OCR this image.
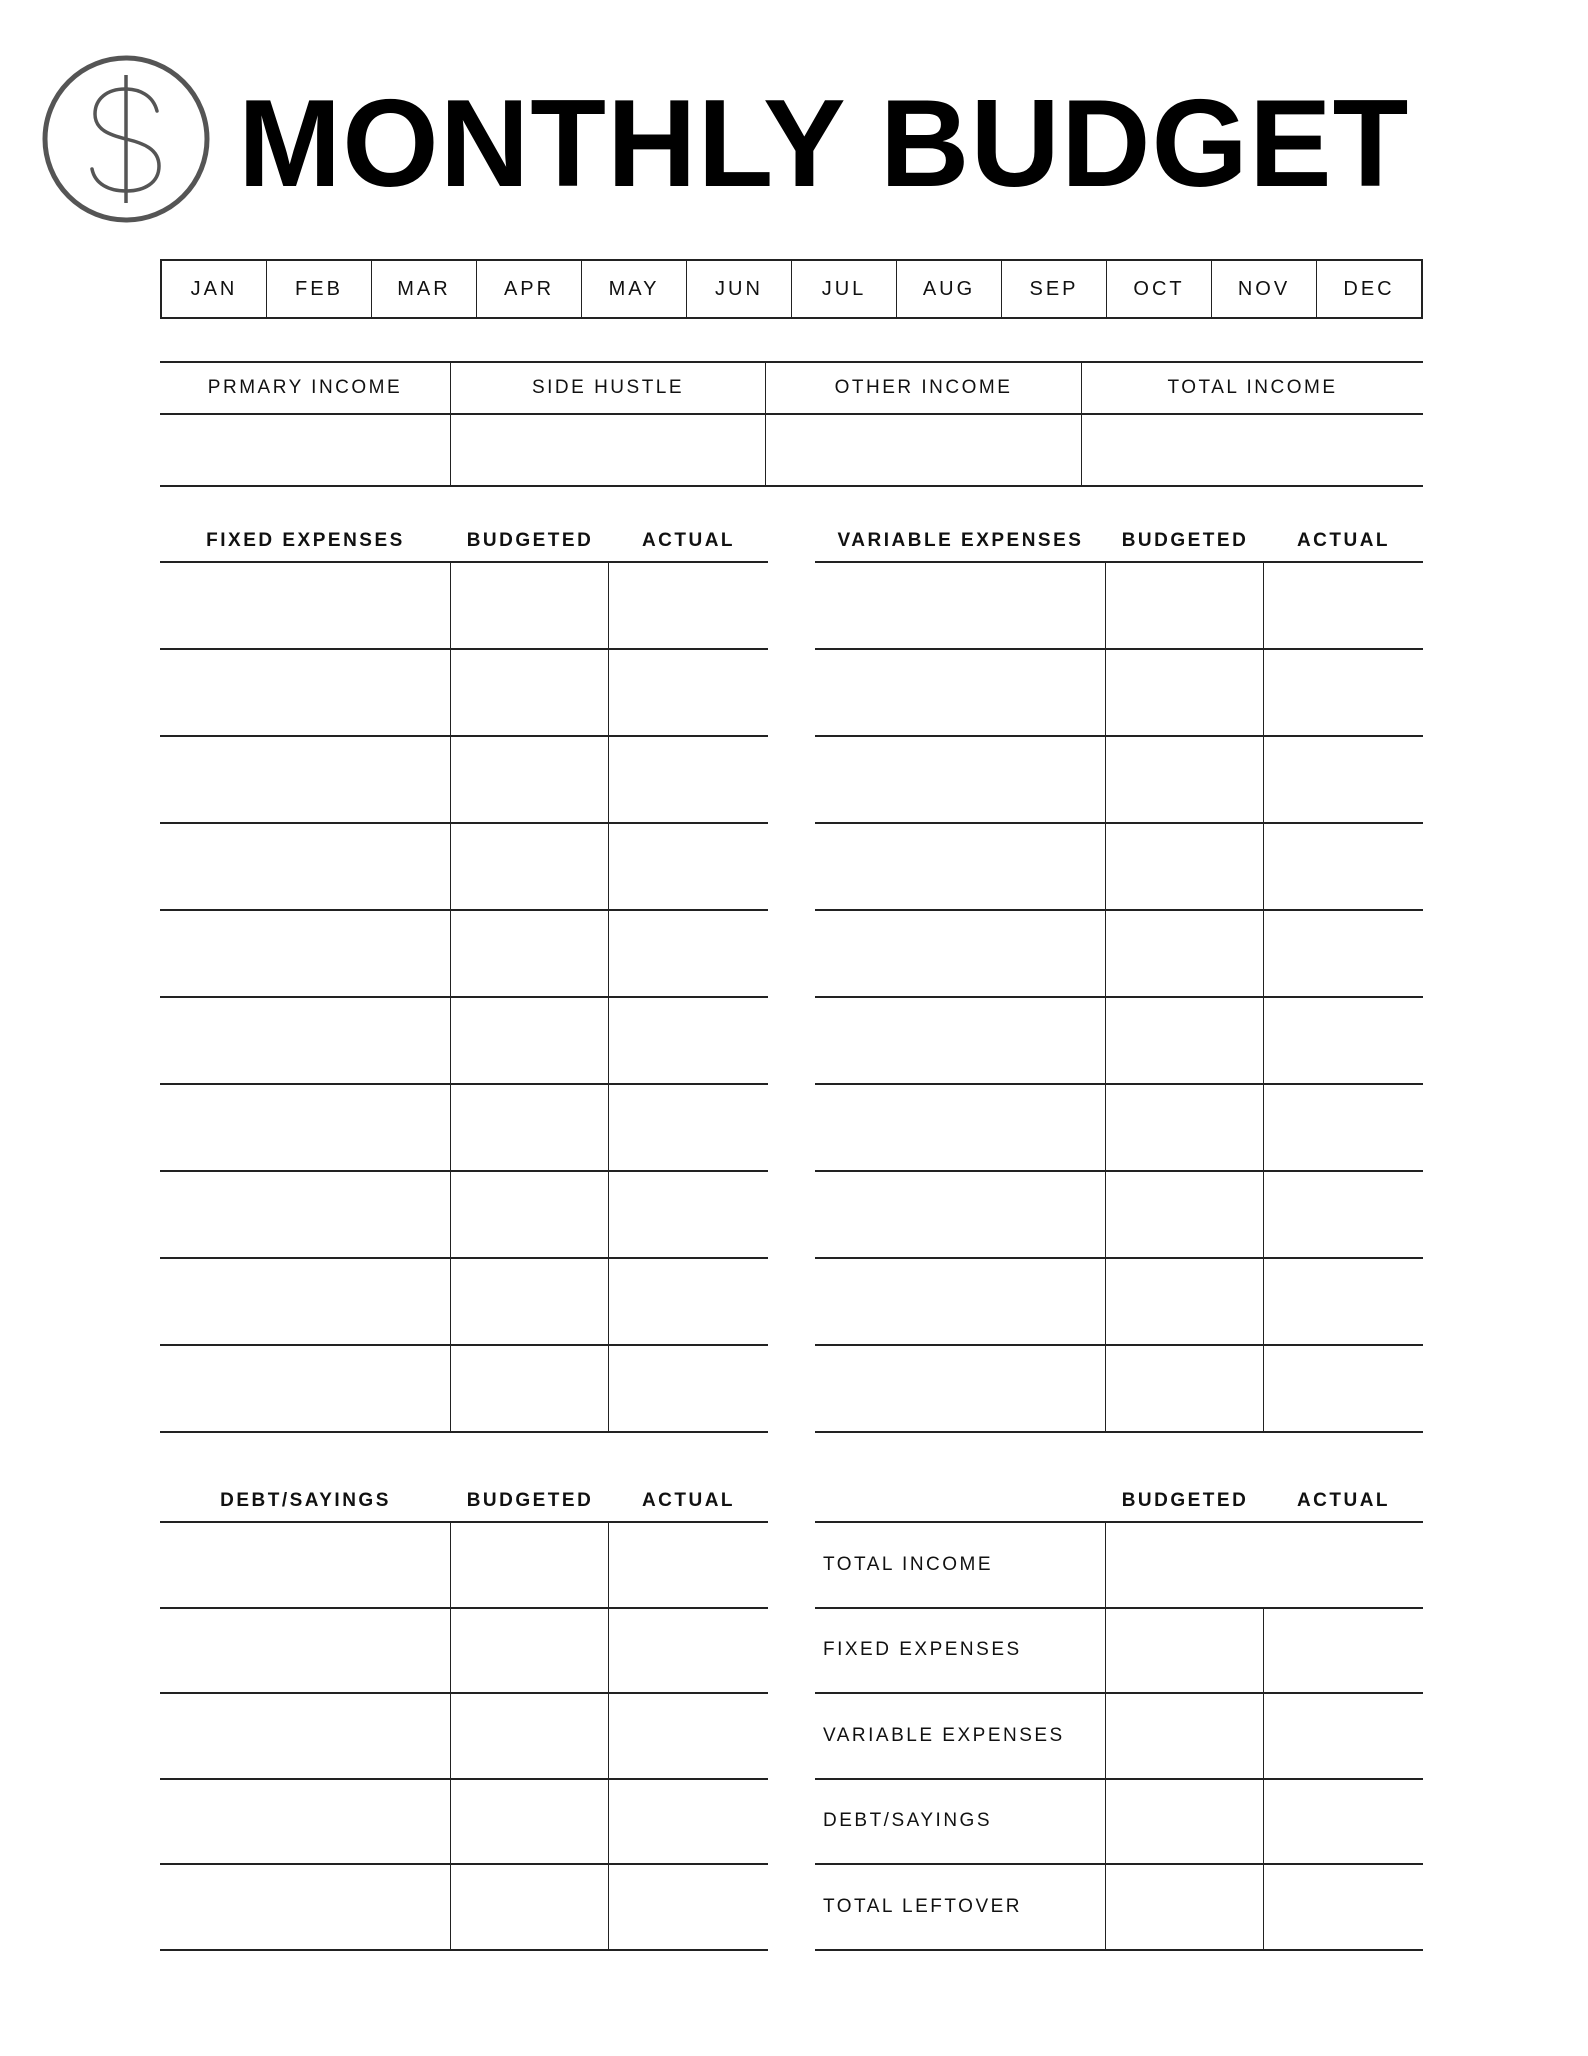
MONTHLY BUDGET
JAN	FEB	MAR	APR	MAY	JUN	JUL	AUG	SEP	OCT	NOV	DEC
PRMARY INCOME	SIDE HUSTLE	OTHER INCOME	TOTAL INCOME
FIXED EXPENSES	BUDGETED	ACTUAL	VARIABLE EXPENSES	BUDGETED	ACTUAL
DEBT/SAYINGS	BUDGETED	ACTUAL	BUDGETED	ACTUAL
TOTAL INCOME
FIXED EXPENSES
VARIABLE EXPENSES
DEBT/SAYINGS
TOTAL LEFTOVER
